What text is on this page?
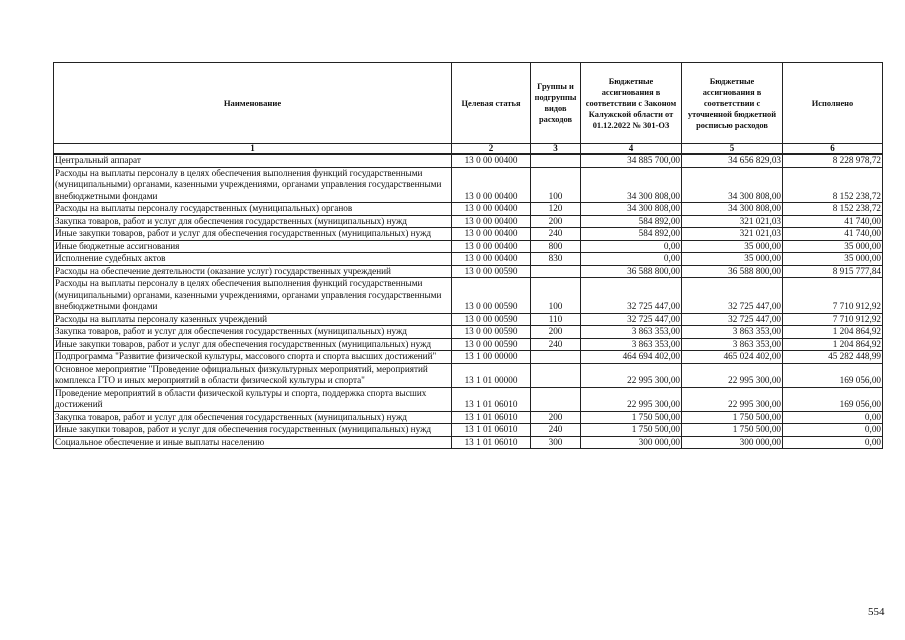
Наименование	Целевая статья	Группы и подгруппы видов расходов	Бюджетные ассигнования в соответствии с Законом Калужской области от 01.12.2022 № 301-ОЗ	Бюджетные ассигнования в соответствии с уточненной бюджетной росписью расходов	Исполнено
1	2	3	4	5	6
Центральный аппарат	13 0 00 00400		34 885 700,00	34 656 829,03	8 228 978,72
Расходы на выплаты персоналу в целях обеспечения выполнения функций государственными (муниципальными) органами, казенными учреждениями, органами управления государственными внебюджетными фондами	13 0 00 00400	100	34 300 808,00	34 300 808,00	8 152 238,72
Расходы на выплаты персоналу государственных (муниципальных) органов	13 0 00 00400	120	34 300 808,00	34 300 808,00	8 152 238,72
Закупка товаров, работ и услуг для обеспечения государственных (муниципальных) нужд	13 0 00 00400	200	584 892,00	321 021,03	41 740,00
Иные закупки товаров, работ и услуг для обеспечения государственных (муниципальных) нужд	13 0 00 00400	240	584 892,00	321 021,03	41 740,00
Иные бюджетные ассигнования	13 0 00 00400	800	0,00	35 000,00	35 000,00
Исполнение судебных актов	13 0 00 00400	830	0,00	35 000,00	35 000,00
Расходы на обеспечение деятельности (оказание услуг) государственных учреждений	13 0 00 00590		36 588 800,00	36 588 800,00	8 915 777,84
Расходы на выплаты персоналу в целях обеспечения выполнения функций государственными (муниципальными) органами, казенными учреждениями, органами управления государственными внебюджетными фондами	13 0 00 00590	100	32 725 447,00	32 725 447,00	7 710 912,92
Расходы на выплаты персоналу казенных учреждений	13 0 00 00590	110	32 725 447,00	32 725 447,00	7 710 912,92
Закупка товаров, работ и услуг для обеспечения государственных (муниципальных) нужд	13 0 00 00590	200	3 863 353,00	3 863 353,00	1 204 864,92
Иные закупки товаров, работ и услуг для обеспечения государственных (муниципальных) нужд	13 0 00 00590	240	3 863 353,00	3 863 353,00	1 204 864,92
Подпрограмма "Развитие физической культуры, массового спорта и спорта высших достижений"	13 1 00 00000		464 694 402,00	465 024 402,00	45 282 448,99
Основное мероприятие "Проведение официальных физкультурных мероприятий, мероприятий комплекса ГТО и иных мероприятий в области физической культуры и спорта"	13 1 01 00000		22 995 300,00	22 995 300,00	169 056,00
Проведение мероприятий в области физической культуры и спорта, поддержка спорта высших достижений	13 1 01 06010		22 995 300,00	22 995 300,00	169 056,00
Закупка товаров, работ и услуг для обеспечения государственных (муниципальных) нужд	13 1 01 06010	200	1 750 500,00	1 750 500,00	0,00
Иные закупки товаров, работ и услуг для обеспечения государственных (муниципальных) нужд	13 1 01 06010	240	1 750 500,00	1 750 500,00	0,00
Социальное обеспечение и иные выплаты населению	13 1 01 06010	300	300 000,00	300 000,00	0,00
554
